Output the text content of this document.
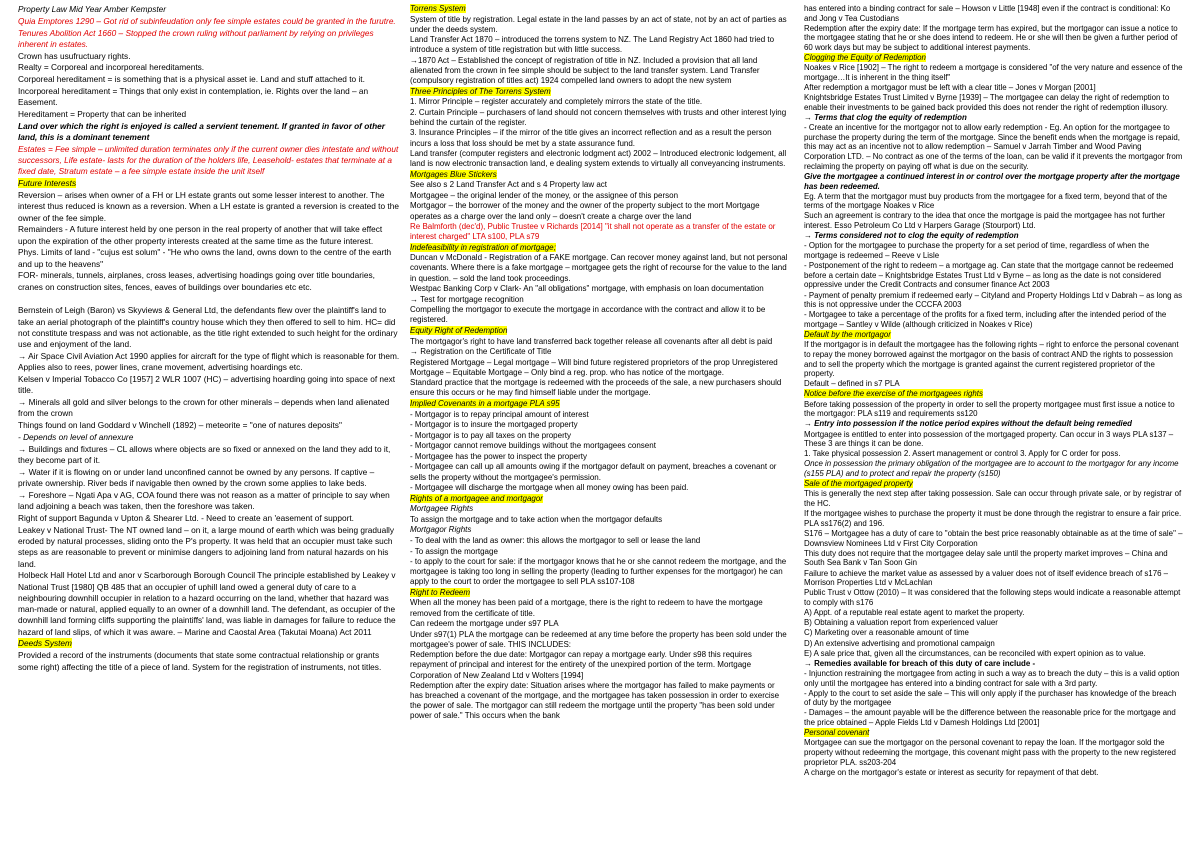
Property Law Mid Year Amber Kempster

Quia Emptores 1290 – Got rid of subinfeudation only fee simple estates could be granted in the furutre.

Tenures Abolition Act 1660 – Stopped the crown ruling without parliament by relying on privileges inherent in estates.

Crown has usufructuary rights.

Realty = Corporeal and incorporeal hereditaments.

Corporeal hereditament = is something that is a physical asset ie. Land and stuff attached to it.

Incorporeal hereditament = Things that only exist in contemplation, ie. Rights over the land – an Easement.

Hereditament = Property that can be inherited

Land over which the right is enjoyed is called a servient tenement. If granted in favor of other land, this is a dominant tenement

Estates = Fee simple – unlimited duration terminates only if the current owner dies intestate and without successors, Life estate- lasts for the duration of the holders life, Leasehold- estates that terminate at a fixed date, Stratum estate – a fee simple estate inside the unit itself

Future Interests

Reversion – arises when owner of a FH or LH estate grants out some lesser interest to another. The interest thus reduced is known as a reversion. When a LH estate is granted a reversion is created to the owner of the fee simple.

Remainders - A future interest held by one person in the real property of another that will take effect upon the expiration of the other property interests created at the same time as the future interest.

Phys. Limits of land - "cujus est solum" - "He who owns the land, owns down to the centre of the earth and up to the heavens"

FOR- minerals, tunnels, airplanes, cross leases, advertising hoadings going over title boundaries, cranes on construction sites, fences, eaves of buildings over boundaries etc etc.

Bernstein of Leigh (Baron) vs Skyviews & General Ltd, the defendants flew over the plaintiff's land to take an aerial photograph of the plaintiff's country house which they then offered to sell to him. HC= did not constitute trespass and was not actionable, as the title right extended to such height for the ordinary use and enjoyment of the land.

→ Air Space Civil Aviation Act 1990 applies for aircraft for the type of flight which is reasonable for them. Applies also to rees, power lines, crane movement, advertising hoardings etc.

Kelsen v Imperial Tobacco Co [1957] 2 WLR 1007 (HC) – advertising hoarding going into space of next title.

→ Minerals all gold and silver belongs to the crown for other minerals – depends when land alienated from the crown

Things found on land Goddard v Winchell (1892) – meteorite = "one of natures deposits"

- Depends on level of annexure

→ Buildings and fixtures – CL allows where objects are so fixed or annexed on the land they add to it, they become part of it.

→ Water if it is flowing on or under land unconfined cannot be owned by any persons. If captive – private ownership. River beds if navigable then owned by the crown some applies to lake beds.

→ Foreshore – Ngati Apa v AG, COA found there was not reason as a matter of principle to say when land adjoining a beach was taken, then the foreshore was taken.

Right of support Bagunda v Upton & Shearer Ltd. - Need to create an 'easement of support.

Leakey v National Trust- The NT owned land – on it, a large mound of earth which was being gradually eroded by natural processes, sliding onto the P's property. It was held that an occupier must take such steps as are reasonable to prevent or minimise dangers to adjoining land from natural hazards on his land.

Holbeck Hall Hotel Ltd and anor v Scarborough Borough Council The principle established by Leakey v National Trust [1980] QB 485 that an occupier of uphill land owed a general duty of care to a neighbouring downhill occupier in relation to a hazard occurring on the land, whether that hazard was man-made or natural, applied equally to an owner of a downhill land. The defendant, as occupier of the downhill land forming cliffs supporting the plaintiffs' land, was liable in damages for failure to reduce the hazard of land slips, of which it was aware. – Marine and Caostal Area (Takutai Moana) Act 2011

Deeds System

Provided a record of the instruments (documents that state some contractual relationship or grants some right) affecting the title of a piece of land. System for the registration of instruments, not titles.

Torrens System

System of title by registration. Legal estate in the land passes by an act of state, not by an act of parties as under the deeds system.

Land Transfer Act 1870 – introduced the torrens system to NZ. The Land Registry Act 1860 had tried to introduce a system of title registration but with little success.

→1870 Act – Established the concept of registration of title in NZ. Included a provision that all land alienated from the crown in fee simple should be subject to the land transfer system. Land Transfer (compulsory registration of titles act) 1924 compelled land owners to adopt the new system

Three Principles of The Torrens System

1. Mirror Principle – register accurately and completely mirrors the state of the title.

2. Curtain Principle – purchasers of land should not concern themselves with trusts and other interest lying behind the curtain of the register.

3. Insurance Principles – if the mirror of the title gives an incorrect reflection and as a result the person incurs a loss that loss should be met by a state assurance fund.

Land transfer (computer registers and electronic lodgment act) 2002 – Introduced electronic lodgement, all land is now electronic transaction land, e dealing system extends to virtually all conveyancing instruments.

Mortgages Blue Stickers

See also s 2 Land Transfer Act and s 4 Property law act

Mortgagee – the original lender of the money, or the assignee of this person

Mortgagor – the borrower of the money and the owner of the property subject to the mort Mortgage operates as a charge over the land only – doesn't create a charge over the land

Re Balmforth (dec'd), Public Trustee v Richards [2014] "it shall not operate as a transfer of the estate or interest charged" LTA s100, PLA s79

Indefeasibility in registration of mortgage;

Duncan v McDonald - Registration of a FAKE mortgage. Can recover money against land, but not personal covenants. Where there is a fake mortgage – mortgagee gets the right of recourse for the value to the land in question. – sold the land took proceedings.

Westpac Banking Corp v Clark- An "all obligations" mortgage, with emphasis on loan documentation

→ Test for mortgage recognition

Compelling the mortgagor to execute the mortgage in accordance with the contract and allow it to be registered.

Equity Right of Redemption

The mortgagor's right to have land transferred back together release all covenants after all debt is paid

→ Registration on the Certificate of Title

Registered Mortgage – Legal mortgage – Will bind future registered proprietors of the prop Unregistered Mortgage – Equitable Mortgage – Only bind a reg. prop. who has notice of the mortgage.

Standard practice that the mortgage is redeemed with the proceeds of the sale, a new purchasers should ensure this occurs or he may find himself liable under the mortgage.

Implied Covenants in a mortgage PLA s95

- Mortgagor is to repay principal amount of interest

- Mortgagor is to insure the mortgaged property

- Mortgagor is to pay all taxes on the property

- Mortgagor cannot remove buildings without the mortgagees consent

- Mortgagee has the power to inspect the property

- Mortgagee can call up all amounts owing if the mortgagor default on payment, breaches a covenant or sells the property without the mortgagee's permission.

- Mortgagee will discharge the mortgage when all money owing has been paid.

Rights of a mortgagee and mortgagor

Mortgagee Rights

To assign the mortgage and to take action when the mortgagor defaults

Mortgagor Rights

- To deal with the land as owner: this allows the mortgagor to sell or lease the land

- To assign the mortgage

- to apply to the court for sale: if the mortgagor knows that he or she cannot redeem the mortgage, and the mortgagee is taking too long in selling the property (leading to further expenses for the mortgagor) he can apply to the court to order the mortgagee to sell PLA ss107-108

Right to Redeem

When all the money has been paid of a mortgage, there is the right to redeem to have the mortgage removed from the certificate of title.

Can redeem the mortgage under s97 PLA

Under s97(1) PLA the mortgage can be redeemed at any time before the property has been sold under the mortgagee's power of sale. THIS INCLUDES:

Redemption before the due date: Mortgagor can repay a mortgage early. Under s98 this requires repayment of principal and interest for the entirety of the unexpired portion of the term. Mortgage Corporation of New Zealand Ltd v Wolters [1994]

Redemption after the expiry date: Situation arises where the mortgagor has failed to make payments or has breached a covenant of the mortgage, and the mortgagee has taken possession in order to exercise the power of sale. The mortgagor can still redeem the mortgage until the property "has been sold under power of sale." This occurs when the bank

has entered into a binding contract for sale – Howson v Little [1948] even if the contract is conditional: Ko and Jong v Tea Custodians

Redemption after the expiry date: If the mortgage term has expired, but the mortgagor can issue a notice to the mortgagee stating that he or she does intend to redeem. He or she will then be given a further period of 60 work days but may be subject to additional interest payments.

Clogging the Equity of Redemption

Noakes v Rice [1902] – The right to redeem a mortgage is considered "of the very nature and essence of the mortgage…It is inherent in the thing itself"

After redemption a mortgagor must be left with a clear title – Jones v Morgan [2001]

Knightsbridge Estates Trust Limited v Byrne [1939] – The mortgagee can delay the right of redemption to enable their investments to be gained back provided this does not render the right of redemption illusory.

→ Terms that clog the equity of redemption

- Create an incentive for the mortgagor not to allow early redemption - Eg. An option for the mortgagee to purchase the property during the term of the mortgage. Since the benefit ends when the mortgage is repaid, this may act as an incentive not to allow redemption – Samuel v Jarrah Timber and Wood Paving Corporation LTD. – No contract as one of the terms of the loan, can be valid if it prevents the mortgagor from reclaiming the property on paying off what is due on the security.

Give the mortgagee a continued interest in or control over the mortgage property after the mortgage has been redeemed.

Eg. A term that the mortgagor must buy products from the mortgagee for a fixed term, beyond that of the terms of the mortgage Noakes v Rice

Such an agreement is contrary to the idea that once the mortgage is paid the mortgagee has not further interest. Esso Petroleum Co Ltd v Harpers Garage (Stourport) Ltd.

→ Terms considered not to clog the equity of redemption

- Option for the mortgagee to purchase the property for a set period of time, regardless of when the mortgage is redeemed – Reeve v Lisle

- Postponement of the right to redeem – a mortgage ag. Can state that the mortgage cannot be redeemed before a certain date – Knightsbridge Estates Trust Ltd v Byrne – as long as the date is not considered oppressive under the Credit Contracts and consumer finance Act 2003

- Payment of penalty premium if redeemed early – Cityland and Property Holdings Ltd v Dabrah – as long as this is not oppressive under the CCCFA 2003

- Mortgagee to take a percentage of the profits for a fixed term, including after the intended period of the mortgage – Santley v Wilde (although criticized in Noakes v Rice)

Default by the mortgagor

If the mortgagor is in default the mortgagee has the following rights – right to enforce the personal covenant to repay the money borrowed against the mortgagor on the basis of contract AND the rights to possession and to sell the property which the mortgage is granted against the current registered proprietor of the property.

Default – defined in s7 PLA

Notice before the exercise of the mortgagees rights

Before taking possession of the property in order to sell the property mortgagee must first issue a notice to the mortgagor: PLA s119 and requirements ss120

→ Entry into possession if the notice period expires without the default being remedied

Mortgagee is entitled to enter into possession of the mortgaged property. Can occur in 3 ways PLA s137 – These 3 are things it can be done.

1. Take physical possession 2. Assert management or control 3. Apply for C order for poss.

Once in possession the primary obligation of the mortgagee are to account to the mortgagor for any income (s155 PLA) and to protect and repair the property (s150)

Sale of the mortgaged property

This is generally the next step after taking possession. Sale can occur through private sale, or by registrar of the HC.

If the mortgagee wishes to purchase the property it must be done through the registrar to ensure a fair price. PLA ss176(2) and 196.

S176 – Mortgagee has a duty of care to "obtain the best price reasonably obtainable as at the time of sale" – Downsview Nominees Ltd v First City Corporation

This duty does not require that the mortgagee delay sale until the property market improves – China and South Sea Bank v Tan Soon Gin

Failure to achieve the market value as assessed by a valuer does not of itself evidence breach of s176 – Morrison Properties Ltd v McLachlan

Public Trust v Ottow (2010) – It was considered that the following steps would indicate a reasonable attempt to comply with s176

A) Appt. of a reputable real estate agent to market the property.

B) Obtaining a valuation report from experienced valuer

C) Marketing over a reasonable amount of time

D) An extensive advertising and promotional campaign

E) A sale price that, given all the circumstances, can be reconciled with expert opinion as to value.

→ Remedies available for breach of this duty of care include -

- Injunction restraining the mortgagee from acting in such a way as to breach the duty – this is a valid option only until the mortgagee has entered into a binding contract for sale with a 3rd party.

- Apply to the court to set aside the sale – This will only apply if the purchaser has knowledge of the breach of duty by the mortgagee

- Damages – the amount payable will be the difference between the reasonable price for the mortgage and the price obtained – Apple Fields Ltd v Damesh Holdings Ltd [2001]

Personal covenant

Mortgagee can sue the mortgagor on the personal covenant to repay the loan. If the mortgagor sold the property without redeeming the mortgage, this covenant might pass with the property to the new registered proprietor PLA. ss203-204

A charge on the mortgagor's estate or interest as security for repayment of that debt.
